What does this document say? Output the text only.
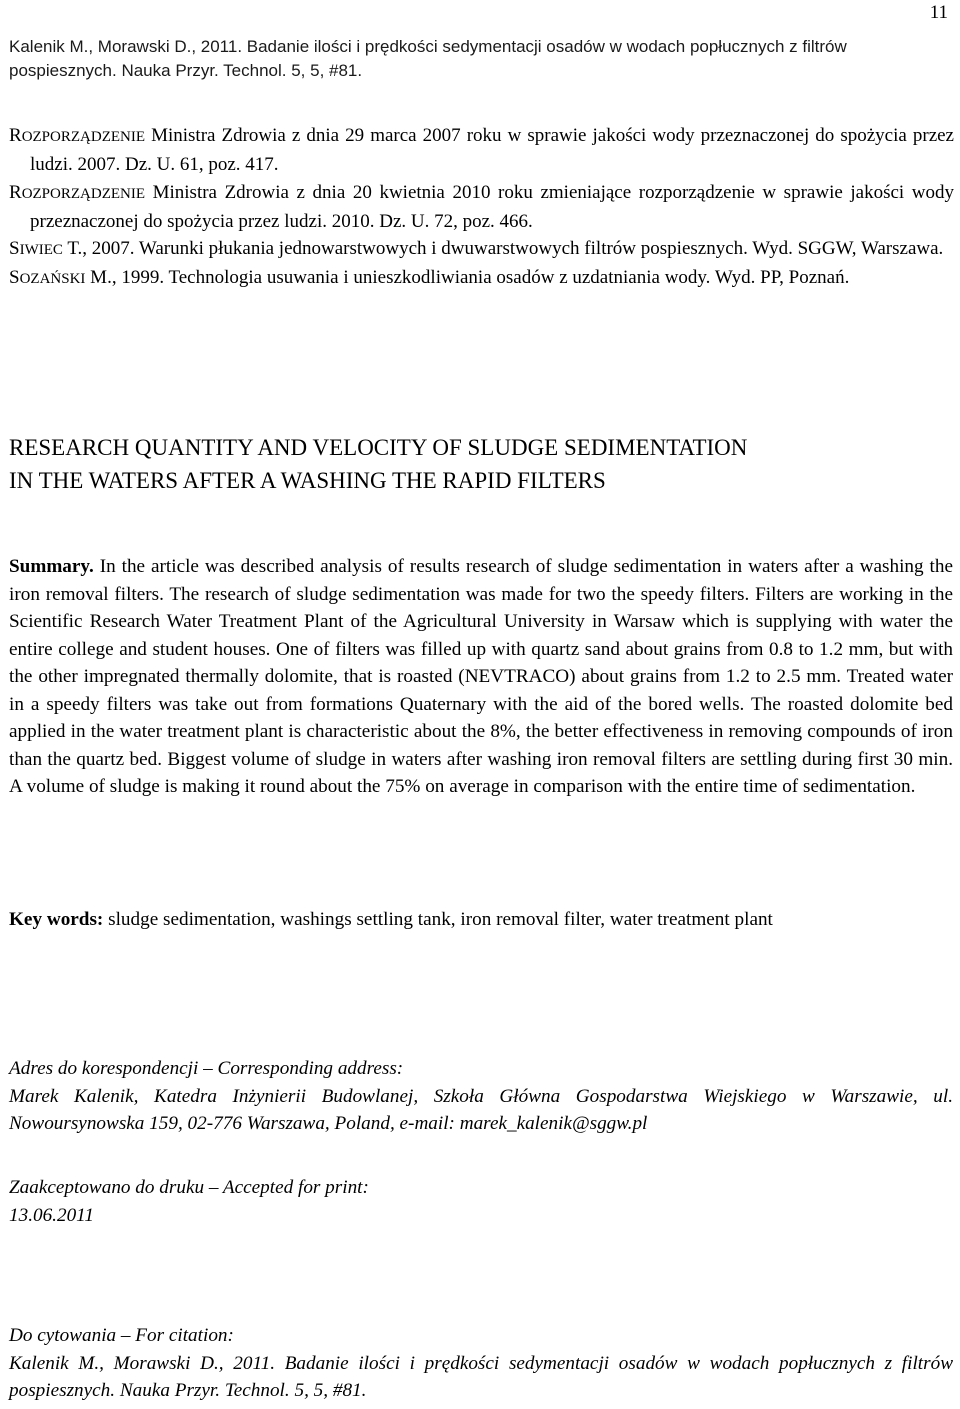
11
Kalenik M., Morawski D., 2011. Badanie ilości i prędkości sedymentacji osadów w wodach popłucznych z filtrów
pospiesznych. Nauka Przyr. Technol. 5, 5, #81.

ROZPORZĄDZENIE Ministra Zdrowia z dnia 29 marca 2007 roku w sprawie jakości wody przeznaczonej do spożycia przez ludzi. 2007. Dz. U. 61, poz. 417.

ROZPORZĄDZENIE Ministra Zdrowia z dnia 20 kwietnia 2010 roku zmieniające rozporządzenie w sprawie jakości wody przeznaczonej do spożycia przez ludzi. 2010. Dz. U. 72, poz. 466.

SIWIEC T., 2007. Warunki płukania jednowarstwowych i dwuwarstwowych filtrów pospiesznych. Wyd. SGGW, Warszawa.

SOZAŃSKI M., 1999. Technologia usuwania i unieszkodliwiania osadów z uzdatniania wody. Wyd. PP, Poznań.

RESEARCH QUANTITY AND VELOCITY OF SLUDGE SEDIMENTATION
IN THE WATERS AFTER A WASHING THE RAPID FILTERS

Summary. In the article was described analysis of results research of sludge sedimentation in waters after a washing the iron removal filters. The research of sludge sedimentation was made for two the speedy filters. Filters are working in the Scientific Research Water Treatment Plant of the Agricultural University in Warsaw which is supplying with water the entire college and student houses. One of filters was filled up with quartz sand about grains from 0.8 to 1.2 mm, but with the other impregnated thermally dolomite, that is roasted (NEVTRACO) about grains from 1.2 to 2.5 mm. Treated water in a speedy filters was take out from formations Quaternary with the aid of the bored wells. The roasted dolomite bed applied in the water treatment plant is characteristic about the 8%, the better effectiveness in removing compounds of iron than the quartz bed. Biggest volume of sludge in waters after washing iron removal filters are settling during first 30 min. A volume of sludge is making it round about the 75% on average in comparison with the entire time of sedimentation.

Key words: sludge sedimentation, washings settling tank, iron removal filter, water treatment plant

Adres do korespondencji – Corresponding address:
Marek Kalenik, Katedra Inżynierii Budowlanej, Szkoła Główna Gospodarstwa Wiejskiego w Warszawie, ul. Nowoursynowska 159, 02-776 Warszawa, Poland, e-mail: marek_kalenik@sggw.pl
Zaakceptowano do druku – Accepted for print:
13.06.2011
Do cytowania – For citation:
Kalenik M., Morawski D., 2011. Badanie ilości i prędkości sedymentacji osadów w wodach popłucznych z filtrów pospiesznych. Nauka Przyr. Technol. 5, 5, #81.
